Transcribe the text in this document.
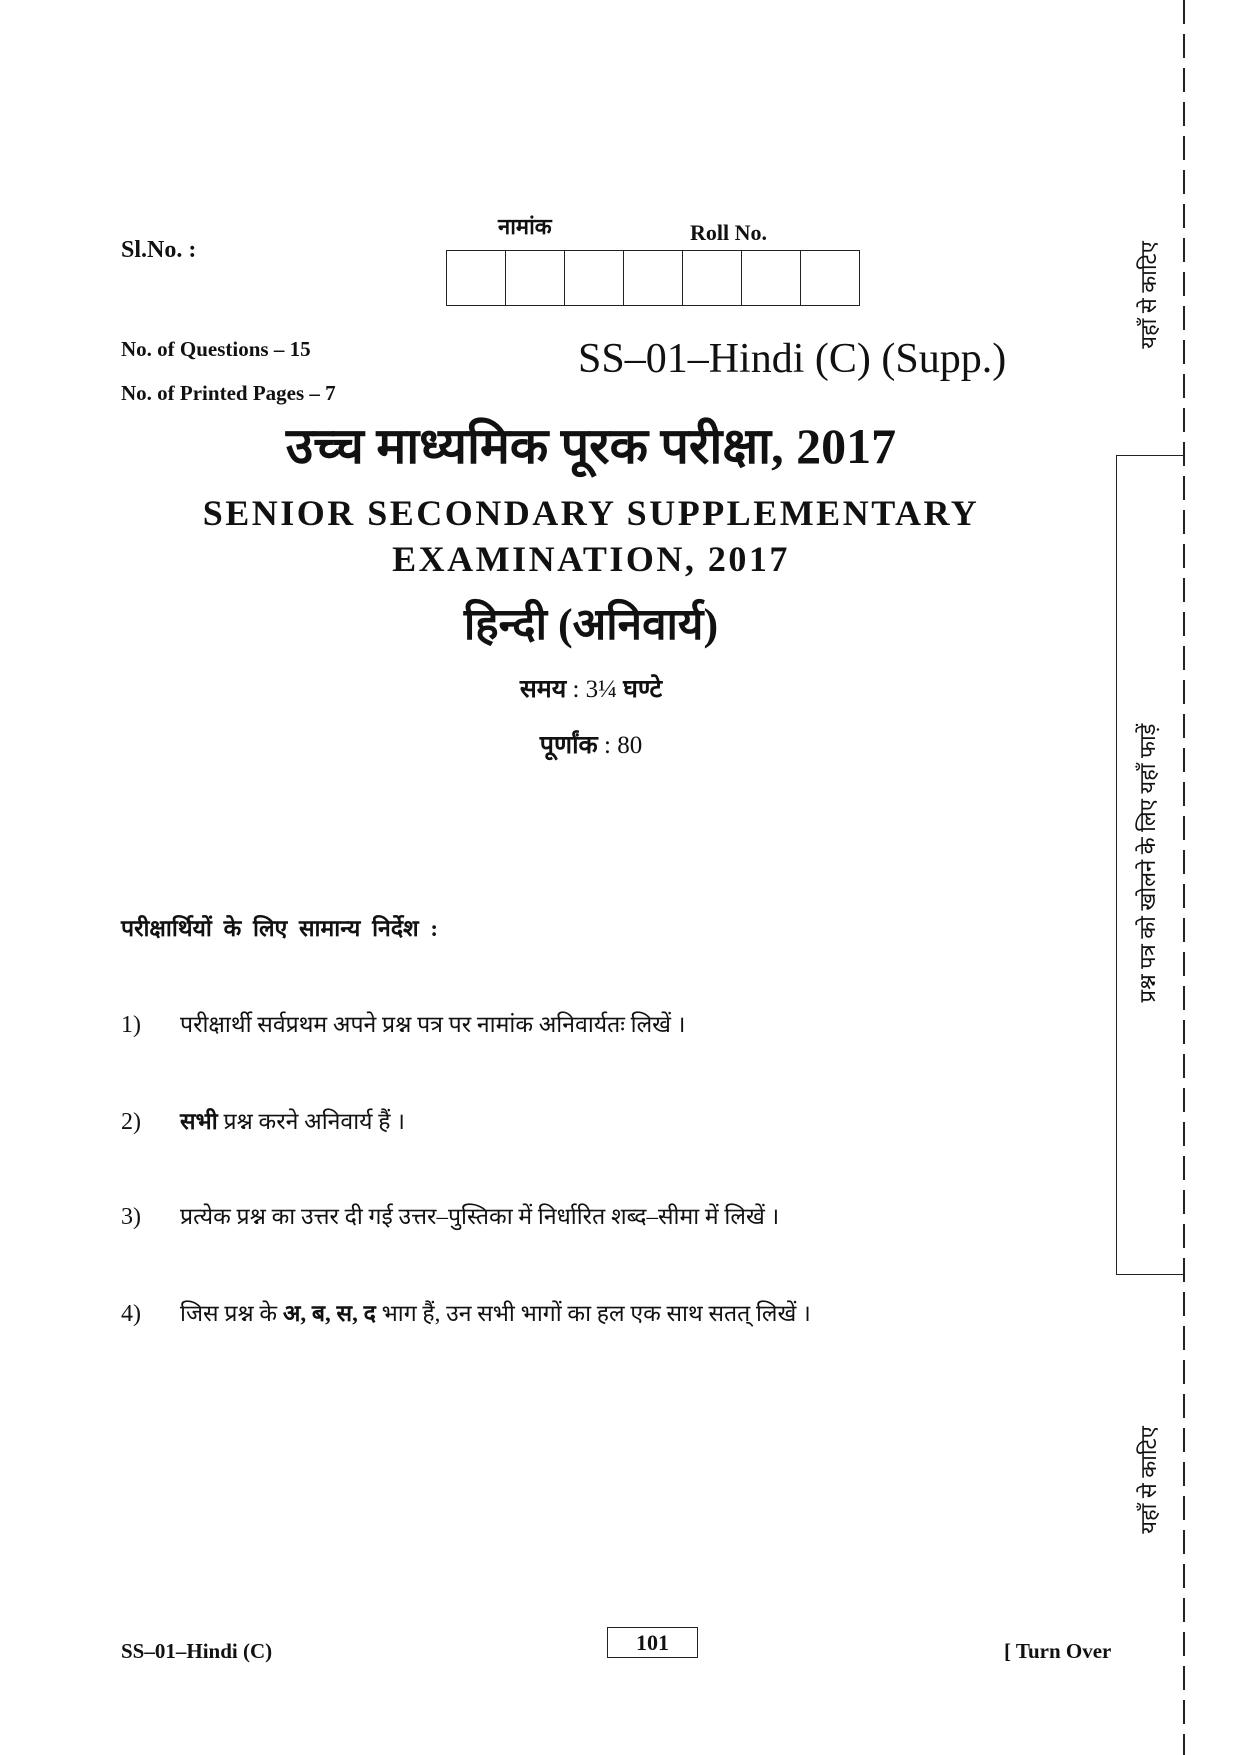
Sl.No. :
नामांक	Roll No.
No. of Questions – 15
No. of Printed Pages – 7
SS–01–Hindi (C) (Supp.)
उच्च माध्यमिक पूरक परीक्षा, 2017
SENIOR SECONDARY SUPPLEMENTARY
EXAMINATION, 2017
हिन्दी (अनिवार्य)
समय : 3¼ घण्टे
पूर्णांक : 80
परीक्षार्थियों के लिए सामान्य निर्देश :
1) परीक्षार्थी सर्वप्रथम अपने प्रश्न पत्र पर नामांक अनिवार्यतः लिखें ।
2) सभी प्रश्न करने अनिवार्य हैं ।
3) प्रत्येक प्रश्न का उत्तर दी गई उत्तर–पुस्तिका में निर्धारित शब्द–सीमा में लिखें ।
4) जिस प्रश्न के अ, ब, स, द भाग हैं, उन सभी भागों का हल एक साथ सतत् लिखें ।
SS–01–Hindi (C)	101	[ Turn Over
यहाँ से काटिए
प्रश्न पत्र को खोलने के लिए यहाँ फाड़ें
यहाँ से काटिए
